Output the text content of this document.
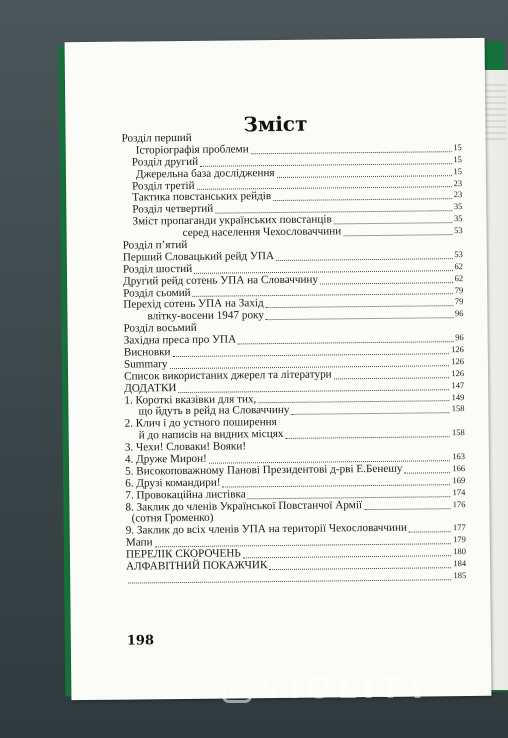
Зміст
Розділ перший
Історіографія проблеми	15
Розділ другий	15
Джерельна база дослідження	15
Розділ третій	23
Тактика повстанських рейдів	23
Розділ четвертий	35
Зміст пропаганди українських повстанців	35
серед населення Чехословаччини	53
Розділ п’ятий
Перший Словацький рейд УПА	53
Розділ шостий	62
Другий рейд сотень УПА на Словаччину	62
Розділ сьомий	79
Перехід сотень УПА на Захід	79
влітку-восени 1947 року	96
Розділ восьмий
Західна преса про УПА	96
Висновки	126
Summary	126
Список використаних джерел та літератури	126
ДОДАТКИ	147
1. Короткі вказівки для тих,	149
що йдуть в рейд на Словаччину	158
2. Клич і до устного поширення
й до написів на видних місцях	158
3. Чехи! Словаки! Вояки!
4. Друже Мирон!	163
5. Високоповажному Панові Президентові д-рві Е.Бенешу	166
6. Друзі командири!	169
7. Провокаційна листівка	174
8. Заклик до членів Української Повстанчої Армії	176
(сотня Громенко)
9. Заклик до всіх членів УПА на території Чехословаччини	177
Мапи	179
ПЕРЕЛІК СКОРОЧЕНЬ	180
АЛФАВІТНИЙ ПОКАЖЧИК	184
185
198
VIOLITY
